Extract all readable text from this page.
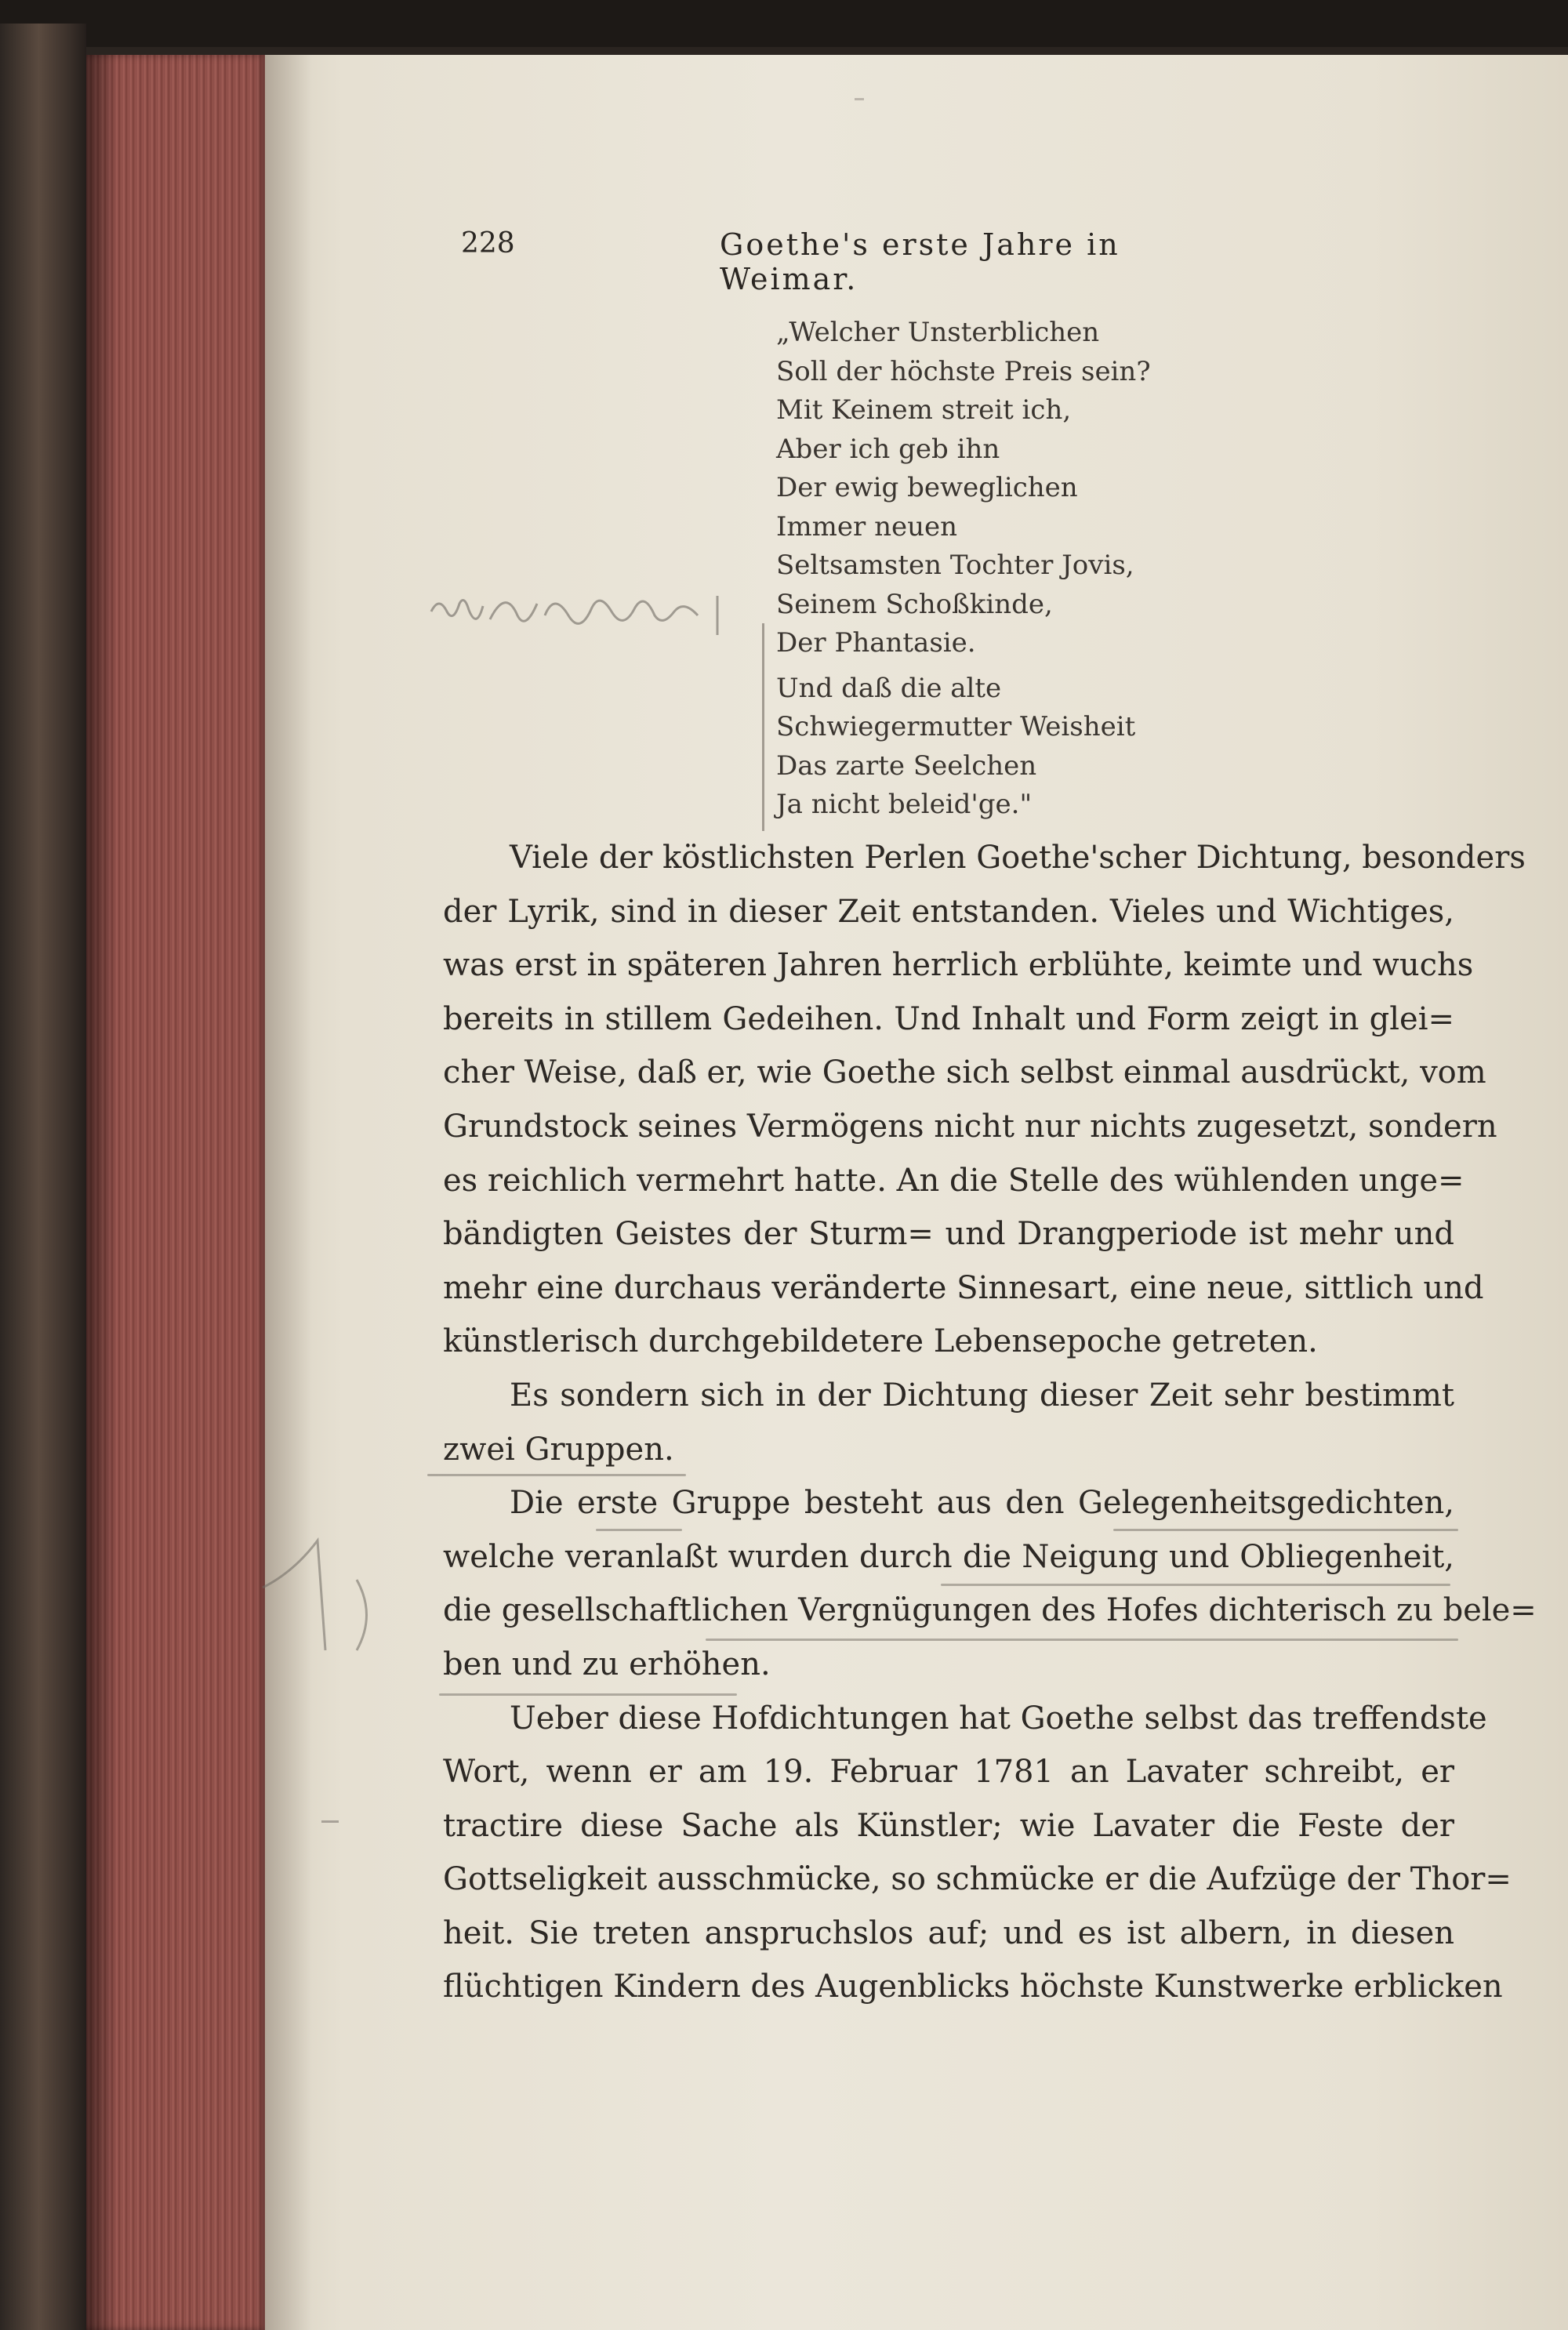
228	Goethe's erste Jahre in Weimar.
„Welcher Unsterblichen
Soll der höchste Preis sein?
Mit Keinem streit ich,
Aber ich geb ihn
Der ewig beweglichen
Immer neuen
Seltsamsten Tochter Jovis,
Seinem Schoßkinde,
Der Phantasie.
Und daß die alte
Schwiegermutter Weisheit
Das zarte Seelchen
Ja nicht beleid'ge."
Viele der köstlichsten Perlen Goethe'scher Dichtung, besonders
der Lyrik, sind in dieser Zeit entstanden. Vieles und Wichtiges,
was erst in späteren Jahren herrlich erblühte, keimte und wuchs
bereits in stillem Gedeihen. Und Inhalt und Form zeigt in glei=
cher Weise, daß er, wie Goethe sich selbst einmal ausdrückt, vom
Grundstock seines Vermögens nicht nur nichts zugesetzt, sondern
es reichlich vermehrt hatte. An die Stelle des wühlenden unge=
bändigten Geistes der Sturm= und Drangperiode ist mehr und
mehr eine durchaus veränderte Sinnesart, eine neue, sittlich und
künstlerisch durchgebildetere Lebensepoche getreten.
Es sondern sich in der Dichtung dieser Zeit sehr bestimmt
zwei Gruppen.
Die erste Gruppe besteht aus den Gelegenheitsgedichten,
welche veranlaßt wurden durch die Neigung und Obliegenheit,
die gesellschaftlichen Vergnügungen des Hofes dichterisch zu bele=
ben und zu erhöhen.
Ueber diese Hofdichtungen hat Goethe selbst das treffendste
Wort, wenn er am 19. Februar 1781 an Lavater schreibt, er
tractire diese Sache als Künstler; wie Lavater die Feste der
Gottseligkeit ausschmücke, so schmücke er die Aufzüge der Thor=
heit. Sie treten anspruchslos auf; und es ist albern, in diesen
flüchtigen Kindern des Augenblicks höchste Kunstwerke erblicken
